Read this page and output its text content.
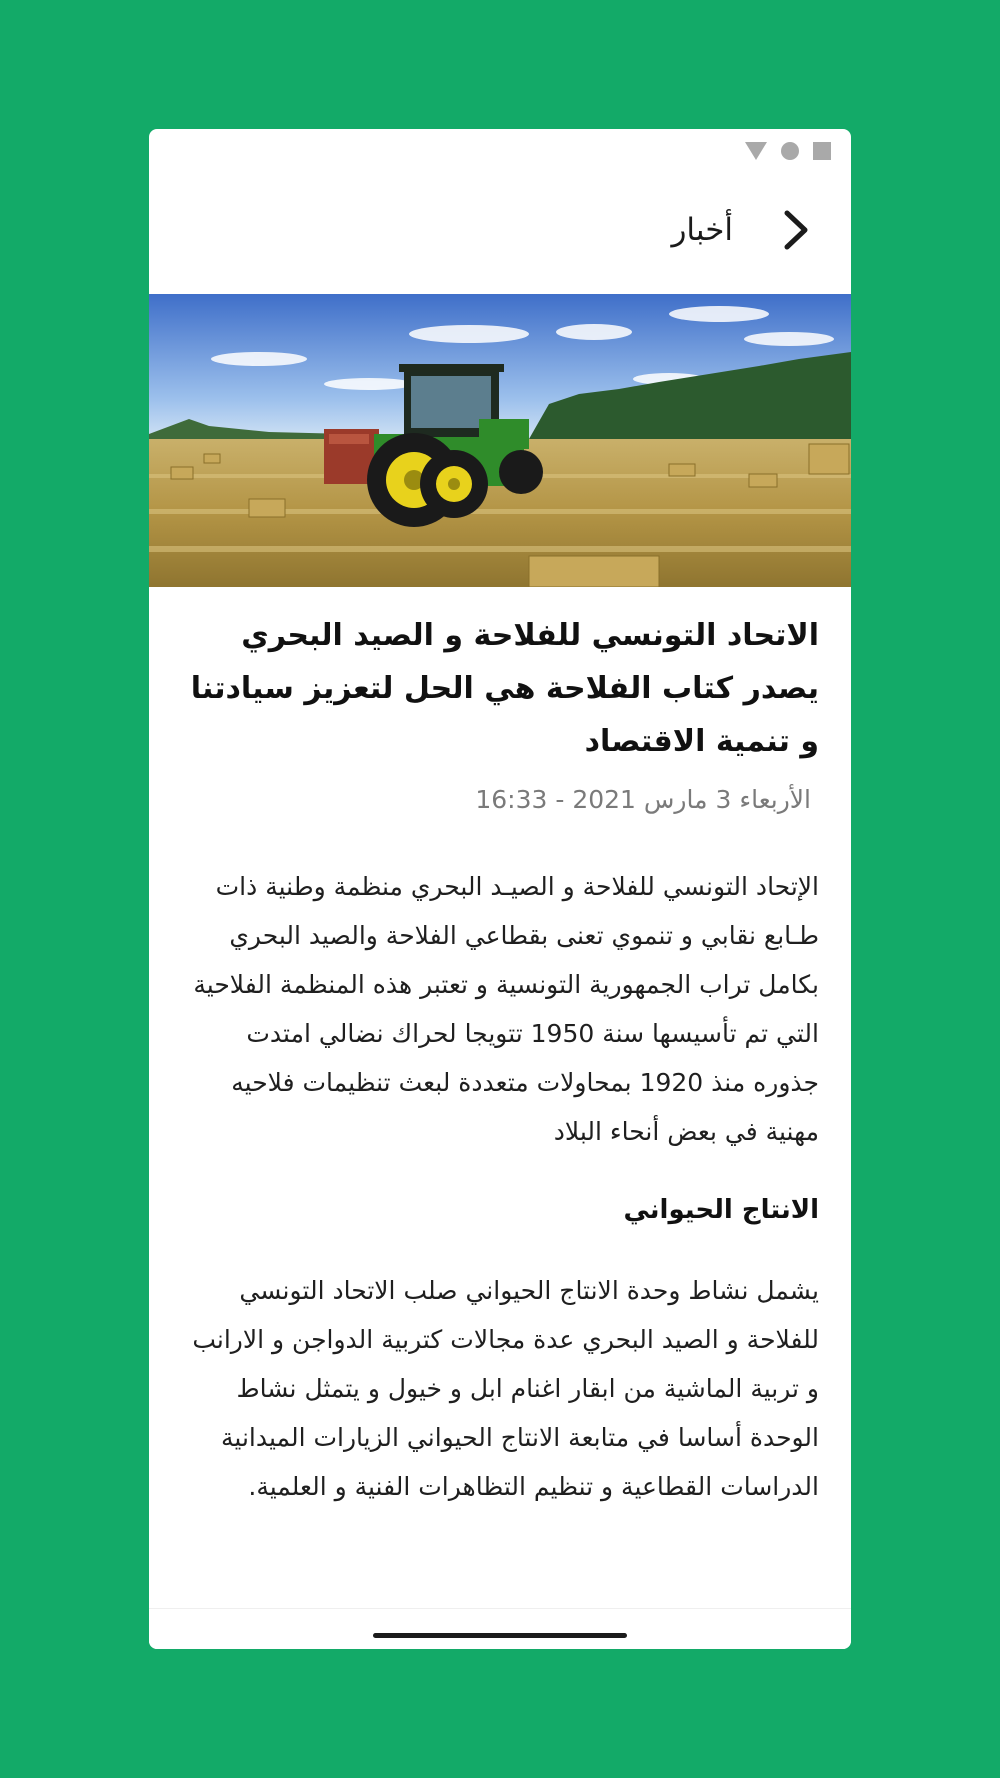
أخبار
الاتحاد التونسي للفلاحة و الصيد البحري يصدر كتاب الفلاحة هي الحل لتعزيز سيادتنا و تنمية الاقتصاد
الأربعاء 3 مارس 2021 - 16:33

الإتحاد التونسي للفلاحة و الصيـد البحري منظمة وطنية ذات طـابع نقابي و تنموي تعنى بقطاعي الفلاحة والصيد البحري بكامل تراب الجمهورية التونسية و تعتبر هذه المنظمة الفلاحية التي تم تأسيسها سنة 1950 تتويجا لحراك نضالي امتدت جذوره منذ 1920 بمحاولات متعددة لبعث تنظيمات فلاحيه مهنية في بعض أنحاء البلاد

الانتاج الحيواني

يشمل نشاط وحدة الانتاج الحيواني صلب الاتحاد التونسي للفلاحة و الصيد البحري عدة مجالات كتربية الدواجن و الارانب و تربية الماشية من ابقار اغنام ابل و خيول و يتمثل نشاط الوحدة أساسا في متابعة الانتاج الحيواني الزيارات الميدانية الدراسات القطاعية و تنظيم التظاهرات الفنية و العلمية.
